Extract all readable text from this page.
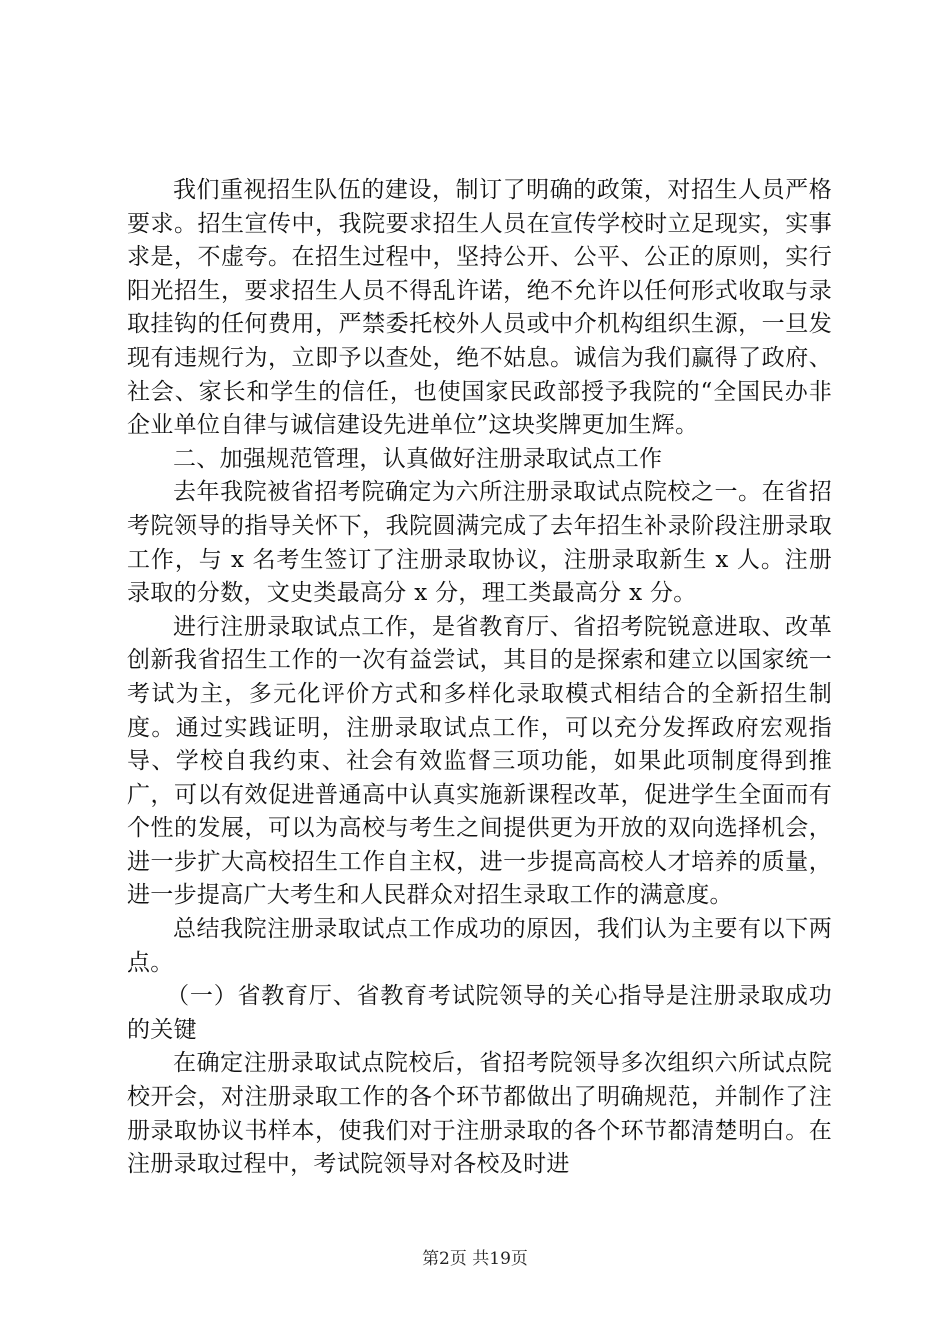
我们重视招生队伍的建设，制订了明确的政策，对招生人员严格要求。招生宣传中，我院要求招生人员在宣传学校时立足现实，实事求是，不虚夸。在招生过程中，坚持公开、公平、公正的原则，实行阳光招生，要求招生人员不得乱许诺，绝不允许以任何形式收取与录取挂钩的任何费用，严禁委托校外人员或中介机构组织生源，一旦发现有违规行为，立即予以查处，绝不姑息。诚信为我们赢得了政府、社会、家长和学生的信任，也使国家民政部授予我院的“全国民办非企业单位自律与诚信建设先进单位”这块奖牌更加生辉。

二、加强规范管理，认真做好注册录取试点工作

去年我院被省招考院确定为六所注册录取试点院校之一。在省招考院领导的指导关怀下，我院圆满完成了去年招生补录阶段注册录取工作，与 x 名考生签订了注册录取协议，注册录取新生 x 人。注册录取的分数，文史类最高分 x 分，理工类最高分 x 分。

进行注册录取试点工作，是省教育厅、省招考院锐意进取、改革创新我省招生工作的一次有益尝试，其目的是探索和建立以国家统一考试为主，多元化评价方式和多样化录取模式相结合的全新招生制度。通过实践证明，注册录取试点工作，可以充分发挥政府宏观指导、学校自我约束、社会有效监督三项功能，如果此项制度得到推广，可以有效促进普通高中认真实施新课程改革，促进学生全面而有个性的发展，可以为高校与考生之间提供更为开放的双向选择机会，进一步扩大高校招生工作自主权，进一步提高高校人才培养的质量，进一步提高广大考生和人民群众对招生录取工作的满意度。

总结我院注册录取试点工作成功的原因，我们认为主要有以下两点。

（一）省教育厅、省教育考试院领导的关心指导是注册录取成功的关键

在确定注册录取试点院校后，省招考院领导多次组织六所试点院校开会，对注册录取工作的各个环节都做出了明确规范，并制作了注册录取协议书样本，使我们对于注册录取的各个环节都清楚明白。在注册录取过程中，考试院领导对各校及时进

第2页 共19页
